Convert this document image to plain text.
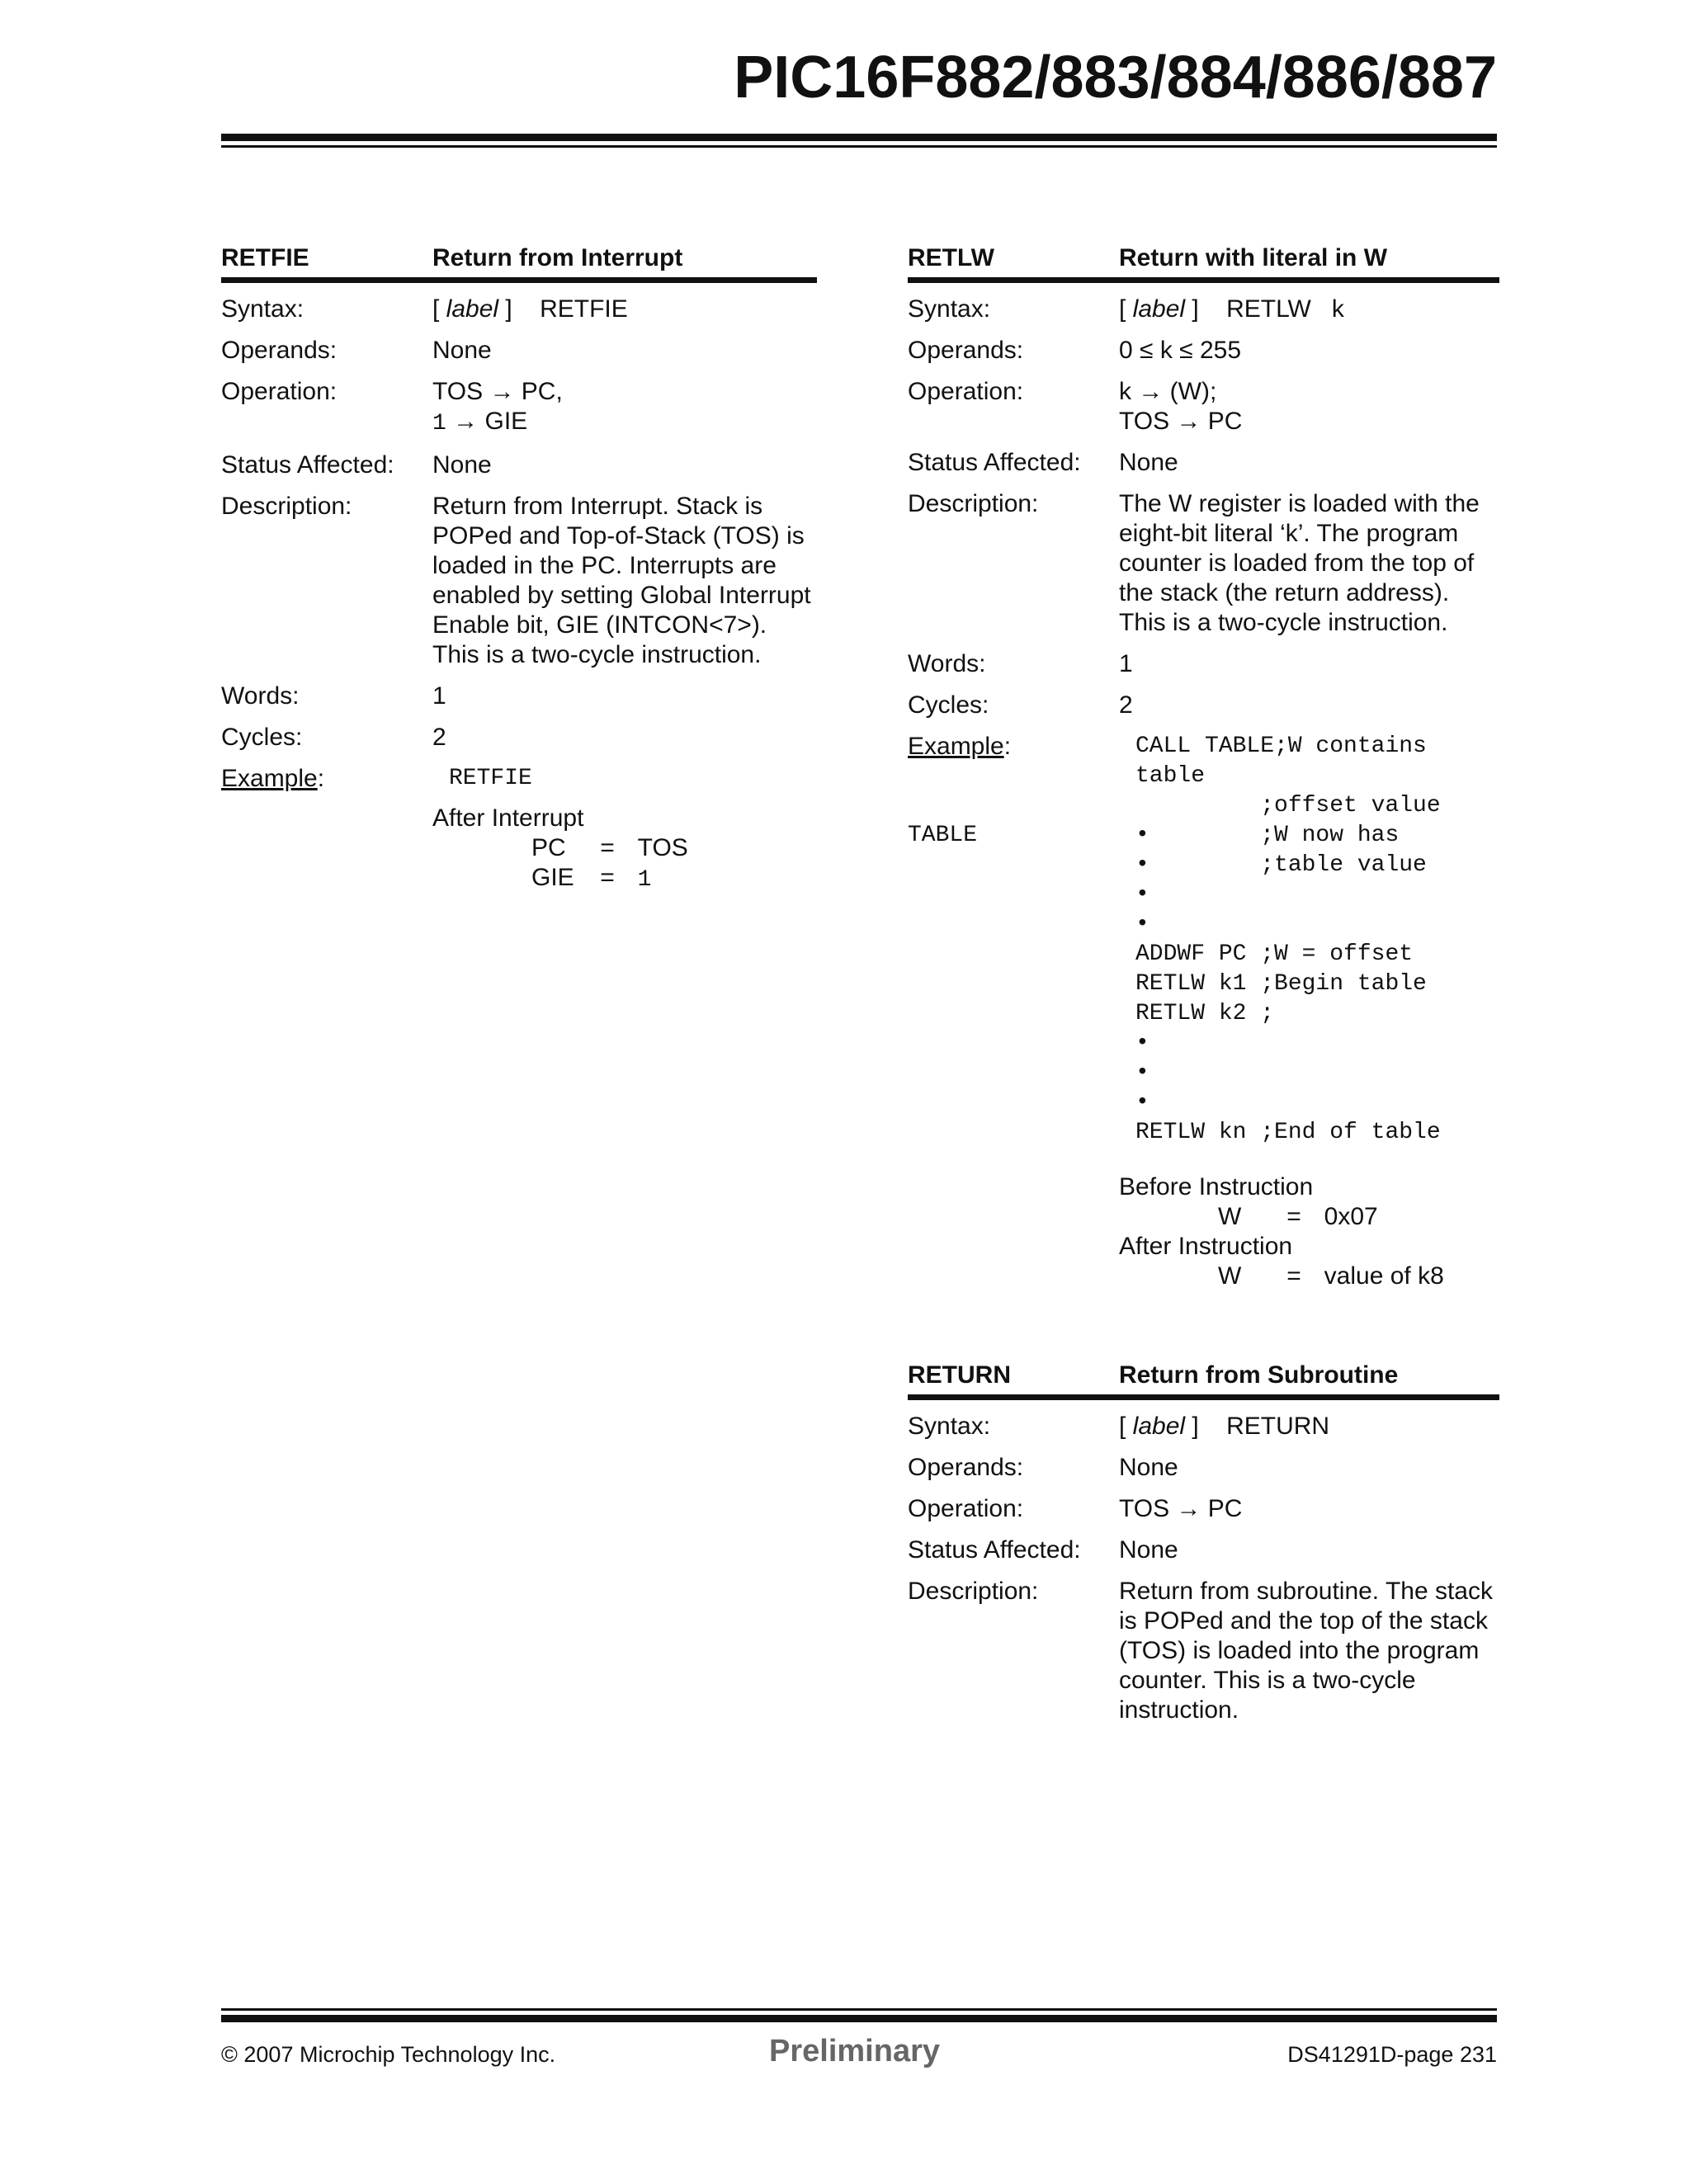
PIC16F882/883/884/886/887
RETFIE	Return from Interrupt
Syntax:	[ label ] RETFIE
Operands:	None
Operation:	TOS → PC,
1 → GIE
Status Affected:	None
Description:	Return from Interrupt. Stack is POPed and Top-of-Stack (TOS) is loaded in the PC. Interrupts are enabled by setting Global Interrupt Enable bit, GIE (INTCON<7>). This is a two-cycle instruction.
Words:	1
Cycles:	2
Example:	RETFIE
After Interrupt
PC = TOS
GIE = 1
RETLW	Return with literal in W
Syntax:	[ label ] RETLW   k
Operands:	0 ≤ k ≤ 255
Operation:	k → (W);
TOS → PC
Status Affected:	None
Description:	The W register is loaded with the eight-bit literal ‘k’. The program counter is loaded from the top of the stack (the return address). This is a two-cycle instruction.
Words:	1
Cycles:	2
Example:	CALL TABLE;W contains
table
;offset value
TABLE	•        ;W now has
•        ;table value
•
•
ADDWF PC ;W = offset
RETLW k1 ;Begin table
RETLW k2 ;
•
•
•
RETLW kn ;End of table
Before Instruction
W = 0x07
After Instruction
W = value of k8
RETURN	Return from Subroutine
Syntax:	[ label ] RETURN
Operands:	None
Operation:	TOS → PC
Status Affected:	None
Description:	Return from subroutine. The stack is POPed and the top of the stack (TOS) is loaded into the program counter. This is a two-cycle instruction.
© 2007 Microchip Technology Inc.	Preliminary	DS41291D-page 231
